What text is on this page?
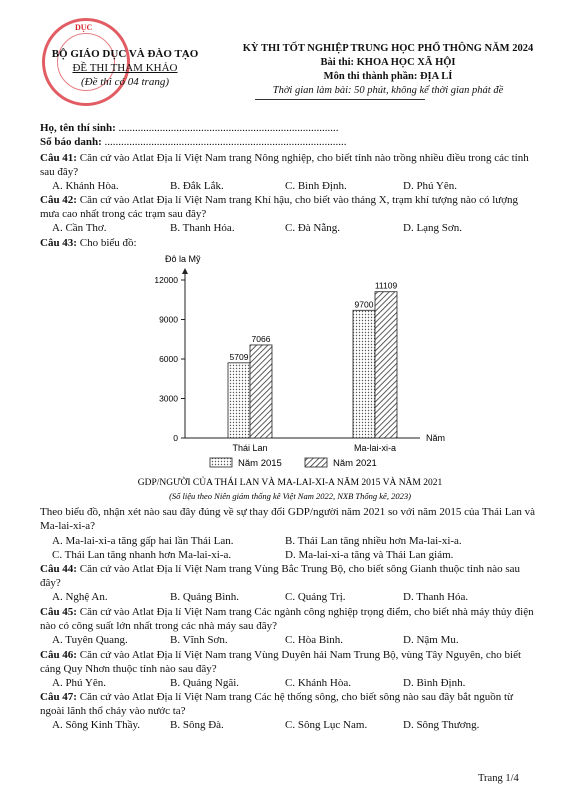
DỤC
BỘ GIÁO DỤC VÀ ĐÀO TẠO
ĐỀ THI THAM KHẢO
(Đề thi có 04 trang)
KỲ THI TỐT NGHIỆP TRUNG HỌC PHỔ THÔNG NĂM 2024
Bài thi: KHOA HỌC XÃ HỘI
Môn thi thành phần: ĐỊA LÍ
Thời gian làm bài: 50 phút, không kể thời gian phát đề
Họ, tên thí sinh: ................................................................................
Số báo danh: ........................................................................................
Câu 41: Căn cứ vào Atlat Địa lí Việt Nam trang Nông nghiệp, cho biết tỉnh nào trồng nhiều điều trong các tỉnh sau đây?
A. Khánh Hòa.	B. Đắk Lắk.	C. Bình Định.	D. Phú Yên.
Câu 42: Căn cứ vào Atlat Địa lí Việt Nam trang Khí hậu, cho biết vào tháng X, trạm khí tượng nào có lượng mưa cao nhất trong các trạm sau đây?
A. Cần Thơ.	B. Thanh Hóa.	C. Đà Nẵng.	D. Lạng Sơn.
Câu 43: Cho biểu đồ:
Đô la Mỹ
Năm
0
3000
6000
9000
12000
5709
7066
Thái Lan
9700
11109
Ma-lai-xi-a
Năm 2015	Năm 2021
GDP/NGƯỜI CỦA THÁI LAN VÀ MA-LAI-XI-A NĂM 2015 VÀ NĂM 2021
(Số liệu theo Niên giám thống kê Việt Nam 2022, NXB Thống kê, 2023)
Theo biểu đồ, nhận xét nào sau đây đúng về sự thay đổi GDP/người năm 2021 so với năm 2015 của Thái Lan và Ma-lai-xi-a?
A. Ma-lai-xi-a tăng gấp hai lần Thái Lan.	B. Thái Lan tăng nhiều hơn Ma-lai-xi-a.
C. Thái Lan tăng nhanh hơn Ma-lai-xi-a.	D. Ma-lai-xi-a tăng và Thái Lan giảm.
Câu 44: Căn cứ vào Atlat Địa lí Việt Nam trang Vùng Bắc Trung Bộ, cho biết sông Gianh thuộc tỉnh nào sau đây?
A. Nghệ An.	B. Quảng Bình.	C. Quảng Trị.	D. Thanh Hóa.
Câu 45: Căn cứ vào Atlat Địa lí Việt Nam trang Các ngành công nghiệp trọng điểm, cho biết nhà máy thủy điện nào có công suất lớn nhất trong các nhà máy sau đây?
A. Tuyên Quang.	B. Vĩnh Sơn.	C. Hòa Bình.	D. Nậm Mu.
Câu 46: Căn cứ vào Atlat Địa lí Việt Nam trang Vùng Duyên hải Nam Trung Bộ, vùng Tây Nguyên, cho biết cảng Quy Nhơn thuộc tỉnh nào sau đây?
A. Phú Yên.	B. Quảng Ngãi.	C. Khánh Hòa.	D. Bình Định.
Câu 47: Căn cứ vào Atlat Địa lí Việt Nam trang Các hệ thống sông, cho biết sông nào sau đây bắt nguồn từ ngoài lãnh thổ chảy vào nước ta?
A. Sông Kinh Thầy.	B. Sông Đà.	C. Sông Lục Nam.	D. Sông Thương.
Trang 1/4
